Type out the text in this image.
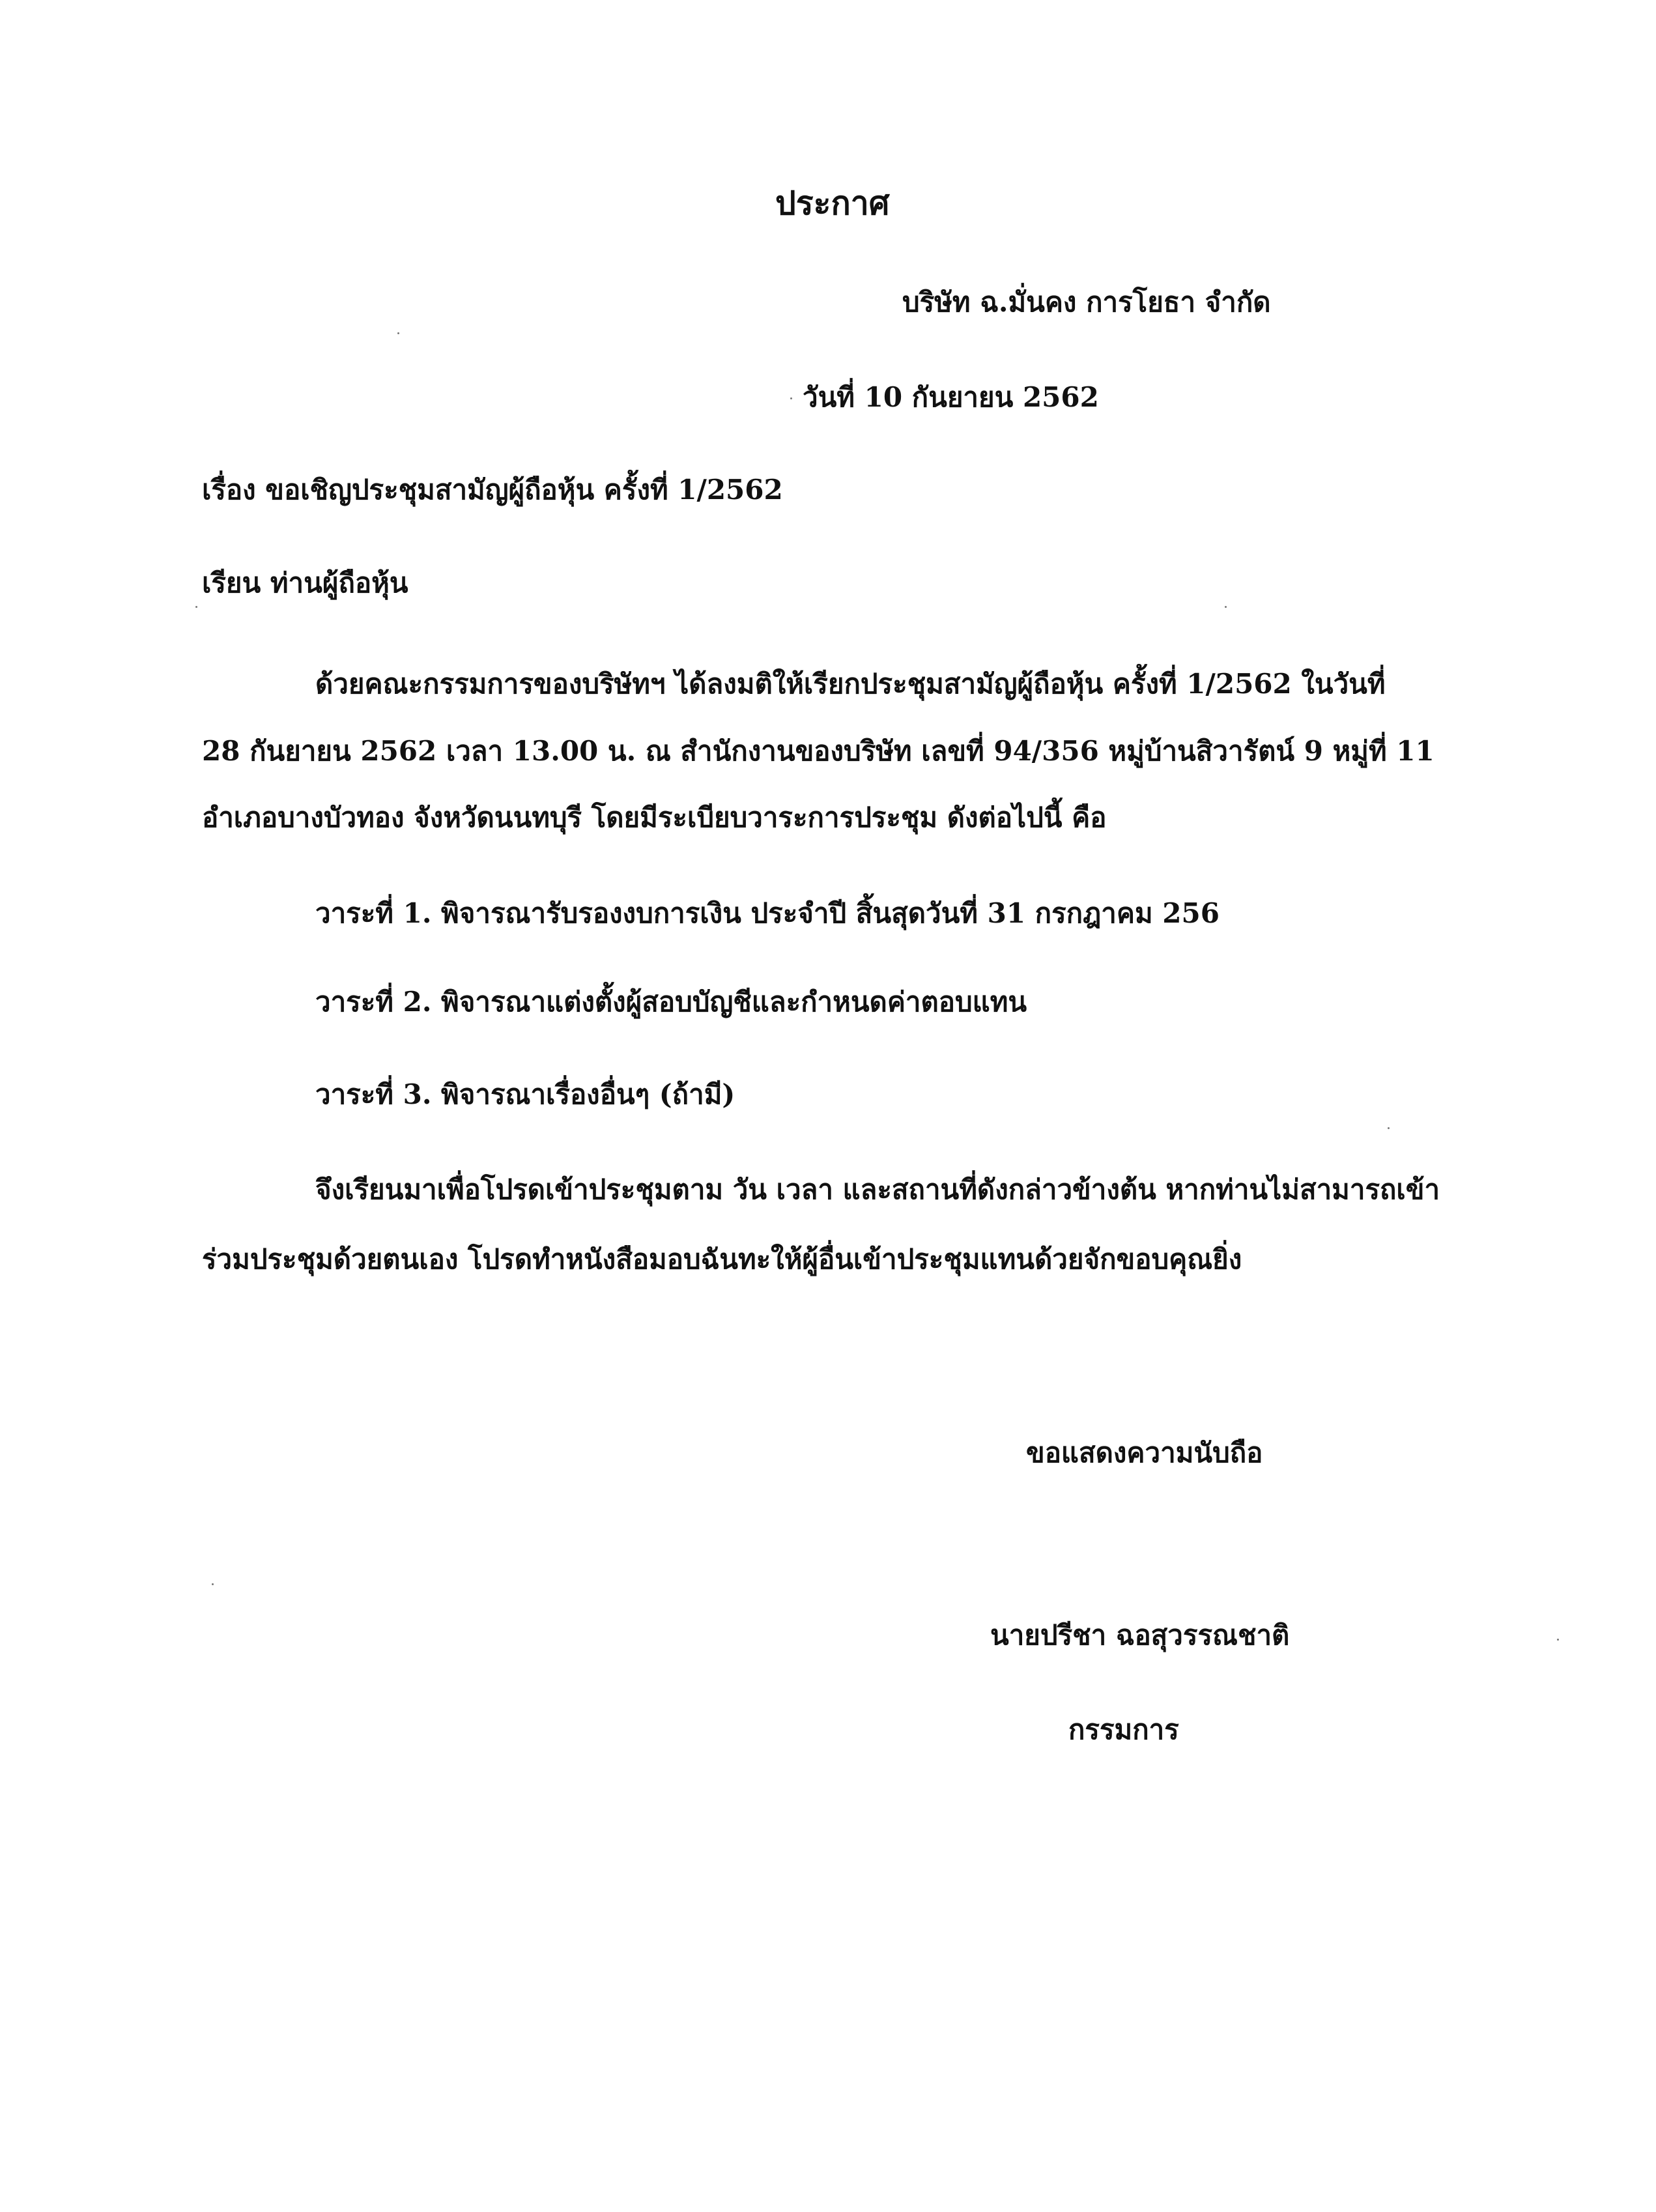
ประกาศ
บริษัท ฉ.มั่นคง การโยธา จำกัด
วันที่ 10 กันยายน 2562
เรื่อง ขอเชิญประชุมสามัญผู้ถือหุ้น ครั้งที่ 1/2562
เรียน ท่านผู้ถือหุ้น
ด้วยคณะกรรมการของบริษัทฯ ได้ลงมติให้เรียกประชุมสามัญผู้ถือหุ้น ครั้งที่ 1/2562 ในวันที่
28 กันยายน 2562 เวลา 13.00 น. ณ สำนักงานของบริษัท เลขที่ 94/356 หมู่บ้านสิวารัตน์ 9 หมู่ที่ 11
อำเภอบางบัวทอง จังหวัดนนทบุรี โดยมีระเบียบวาระการประชุม ดังต่อไปนี้ คือ
วาระที่ 1. พิจารณารับรองงบการเงิน ประจำปี สิ้นสุดวันที่ 31 กรกฎาคม 256
วาระที่ 2. พิจารณาแต่งตั้งผู้สอบบัญชีและกำหนดค่าตอบแทน
วาระที่ 3. พิจารณาเรื่องอื่นๆ (ถ้ามี)
จึงเรียนมาเพื่อโปรดเข้าประชุมตาม วัน เวลา และสถานที่ดังกล่าวข้างต้น หากท่านไม่สามารถเข้า
ร่วมประชุมด้วยตนเอง โปรดทำหนังสือมอบฉันทะให้ผู้อื่นเข้าประชุมแทนด้วยจักขอบคุณยิ่ง
ขอแสดงความนับถือ
นายปรีชา ฉอสุวรรณชาติ
กรรมการ
